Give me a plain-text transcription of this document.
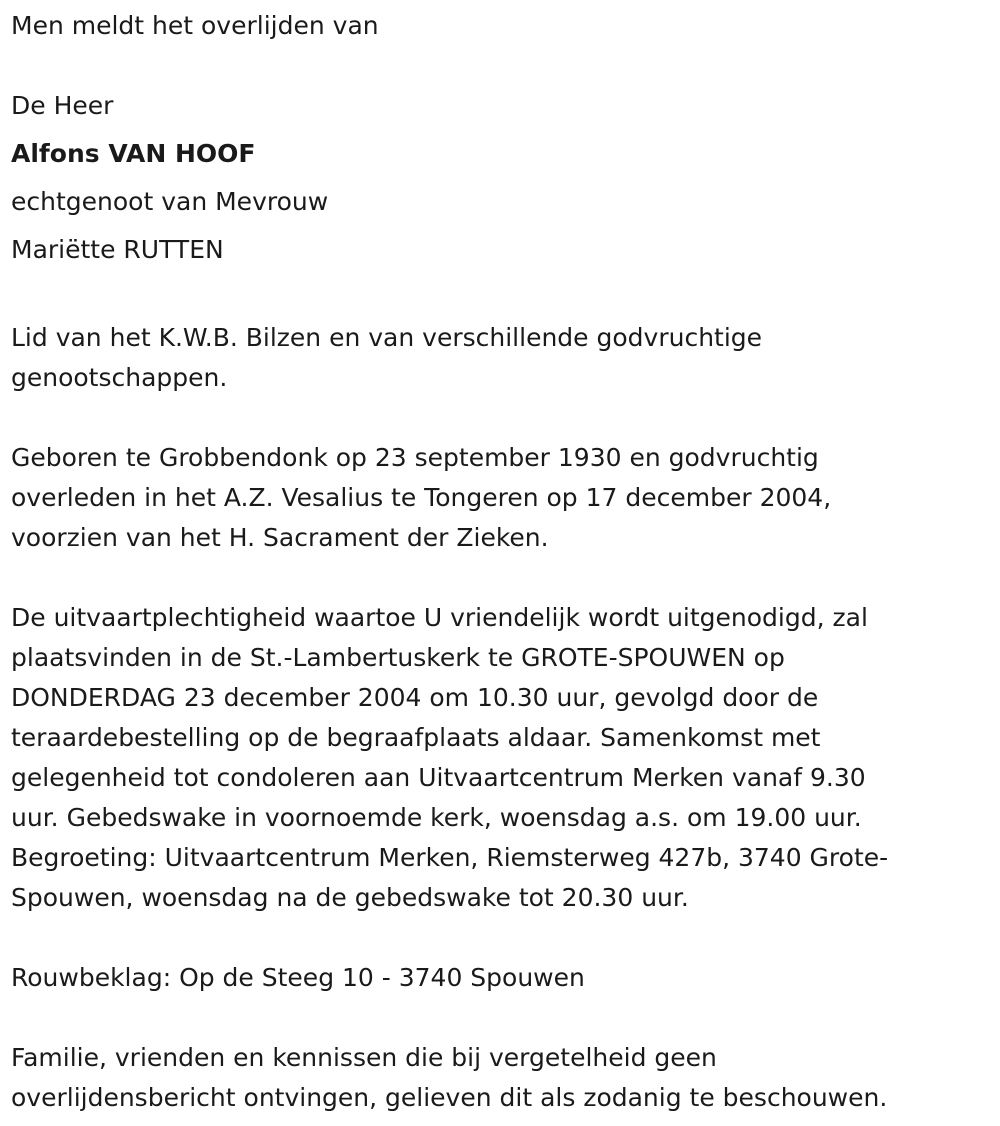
Men meldt het overlijden van

De Heer

Alfons VAN HOOF

echtgenoot van Mevrouw

Mariëtte RUTTEN

Lid van het K.W.B. Bilzen en van verschillende godvruchtige

genootschappen.

Geboren te Grobbendonk op 23 september 1930 en godvruchtig

overleden in het A.Z. Vesalius te Tongeren op 17 december 2004,

voorzien van het H. Sacrament der Zieken.

De uitvaartplechtigheid waartoe U vriendelijk wordt uitgenodigd, zal

plaatsvinden in de St.-Lambertuskerk te GROTE-SPOUWEN op

DONDERDAG 23 december 2004 om 10.30 uur, gevolgd door de

teraardebestelling op de begraafplaats aldaar. Samenkomst met

gelegenheid tot condoleren aan Uitvaartcentrum Merken vanaf 9.30

uur. Gebedswake in voornoemde kerk, woensdag a.s. om 19.00 uur.

Begroeting: Uitvaartcentrum Merken, Riemsterweg 427b, 3740 Grote-

Spouwen, woensdag na de gebedswake tot 20.30 uur.

Rouwbeklag: Op de Steeg 10 - 3740 Spouwen

Familie, vrienden en kennissen die bij vergetelheid geen

overlijdensbericht ontvingen, gelieven dit als zodanig te beschouwen.
